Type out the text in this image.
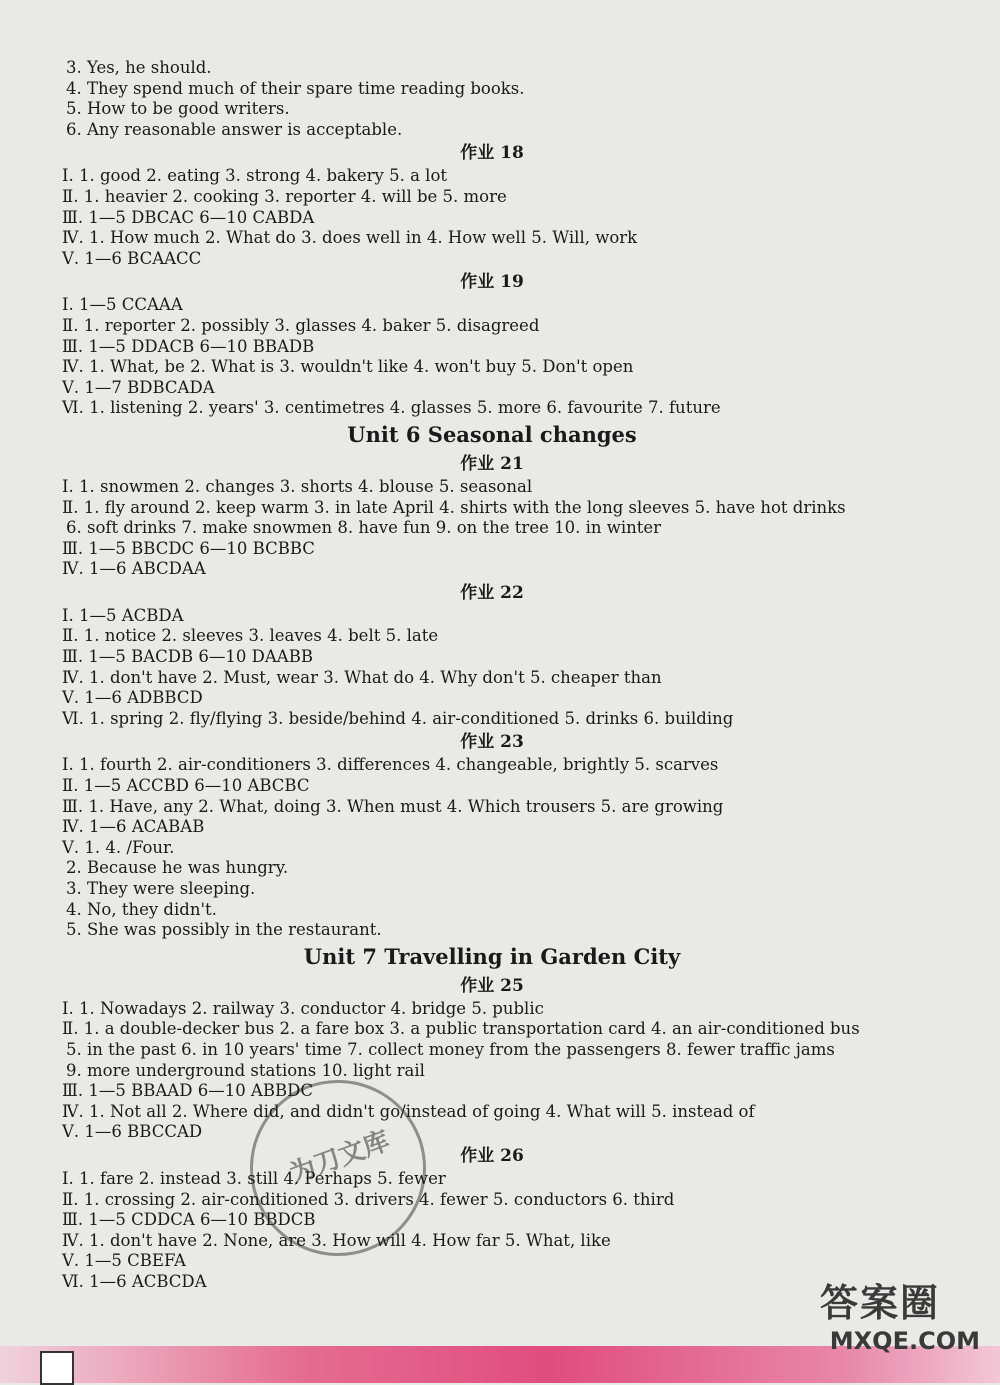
3. Yes, he should.
4. They spend much of their spare time reading books.
5. How to be good writers.
6. Any reasonable answer is acceptable.
作业 18
Ⅰ. 1. good 2. eating 3. strong 4. bakery 5. a lot
Ⅱ. 1. heavier 2. cooking 3. reporter 4. will be 5. more
Ⅲ. 1—5 DBCAC 6—10 CABDA
Ⅳ. 1. How much 2. What do 3. does well in 4. How well 5. Will, work
Ⅴ. 1—6 BCAACC
作业 19
Ⅰ. 1—5 CCAAA
Ⅱ. 1. reporter 2. possibly 3. glasses 4. baker 5. disagreed
Ⅲ. 1—5 DDACB 6—10 BBADB
Ⅳ. 1. What, be 2. What is 3. wouldn't like 4. won't buy 5. Don't open
Ⅴ. 1—7 BDBCADA
Ⅵ. 1. listening 2. years' 3. centimetres 4. glasses 5. more 6. favourite 7. future
Unit 6 Seasonal changes
作业 21
Ⅰ. 1. snowmen 2. changes 3. shorts 4. blouse 5. seasonal
Ⅱ. 1. fly around 2. keep warm 3. in late April 4. shirts with the long sleeves 5. have hot drinks
6. soft drinks 7. make snowmen 8. have fun 9. on the tree 10. in winter
Ⅲ. 1—5 BBCDC 6—10 BCBBC
Ⅳ. 1—6 ABCDAA
作业 22
Ⅰ. 1—5 ACBDA
Ⅱ. 1. notice 2. sleeves 3. leaves 4. belt 5. late
Ⅲ. 1—5 BACDB 6—10 DAABB
Ⅳ. 1. don't have 2. Must, wear 3. What do 4. Why don't 5. cheaper than
Ⅴ. 1—6 ADBBCD
Ⅵ. 1. spring 2. fly/flying 3. beside/behind 4. air-conditioned 5. drinks 6. building
作业 23
Ⅰ. 1. fourth 2. air-conditioners 3. differences 4. changeable, brightly 5. scarves
Ⅱ. 1—5 ACCBD 6—10 ABCBC
Ⅲ. 1. Have, any 2. What, doing 3. When must 4. Which trousers 5. are growing
Ⅳ. 1—6 ACABAB
Ⅴ. 1. 4. /Four.
2. Because he was hungry.
3. They were sleeping.
4. No, they didn't.
5. She was possibly in the restaurant.
Unit 7 Travelling in Garden City
作业 25
Ⅰ. 1. Nowadays 2. railway 3. conductor 4. bridge 5. public
Ⅱ. 1. a double-decker bus 2. a fare box 3. a public transportation card 4. an air-conditioned bus
5. in the past 6. in 10 years' time 7. collect money from the passengers 8. fewer traffic jams
9. more underground stations 10. light rail
Ⅲ. 1—5 BBAAD 6—10 ABBDC
Ⅳ. 1. Not all 2. Where did, and didn't go/instead of going 4. What will 5. instead of
Ⅴ. 1—6 BBCCAD
作业 26
Ⅰ. 1. fare 2. instead 3. still 4. Perhaps 5. fewer
Ⅱ. 1. crossing 2. air-conditioned 3. drivers 4. fewer 5. conductors 6. third
Ⅲ. 1—5 CDDCA 6—10 BBDCB
Ⅳ. 1. don't have 2. None, are 3. How will 4. How far 5. What, like
Ⅴ. 1—5 CBEFA
Ⅵ. 1—6 ACBCDA
为刀文库
答案圈
MXQE.COM
